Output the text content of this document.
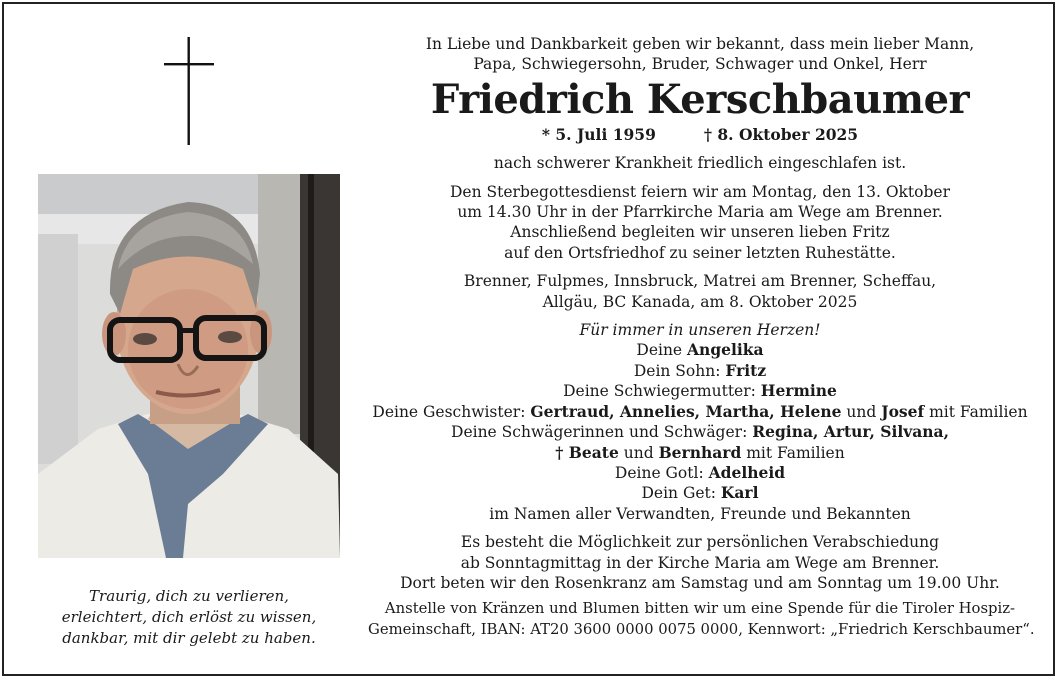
Traurig, dich zu verlieren,
erleichtert, dich erlöst zu wissen,
dankbar, mit dir gelebt zu haben.
In Liebe und Dankbarkeit geben wir bekannt, dass mein lieber Mann,
Papa, Schwiegersohn, Bruder, Schwager und Onkel, Herr
Friedrich Kerschbaumer
* 5. Juli 1959	† 8. Oktober 2025
nach schwerer Krankheit friedlich eingeschlafen ist.
Den Sterbegottesdienst feiern wir am Montag, den 13. Oktober
um 14.30 Uhr in der Pfarrkirche Maria am Wege am Brenner.
Anschließend begleiten wir unseren lieben Fritz
auf den Ortsfriedhof zu seiner letzten Ruhestätte.
Brenner, Fulpmes, Innsbruck, Matrei am Brenner, Scheffau,
Allgäu, BC Kanada, am 8. Oktober 2025
Für immer in unseren Herzen!
Deine Angelika
Dein Sohn: Fritz
Deine Schwiegermutter: Hermine
Deine Geschwister: Gertraud, Annelies, Martha, Helene und Josef mit Familien
Deine Schwägerinnen und Schwäger: Regina, Artur, Silvana,
† Beate und Bernhard mit Familien
Deine Gotl: Adelheid
Dein Get: Karl
im Namen aller Verwandten, Freunde und Bekannten
Es besteht die Möglichkeit zur persönlichen Verabschiedung
ab Sonntagmittag in der Kirche Maria am Wege am Brenner.
Dort beten wir den Rosenkranz am Samstag und am Sonntag um 19.00 Uhr.
Anstelle von Kränzen und Blumen bitten wir um eine Spende für die Tiroler Hospiz-
Gemeinschaft, IBAN: AT20 3600 0000 0075 0000, Kennwort: „Friedrich Kerschbaumer“.
